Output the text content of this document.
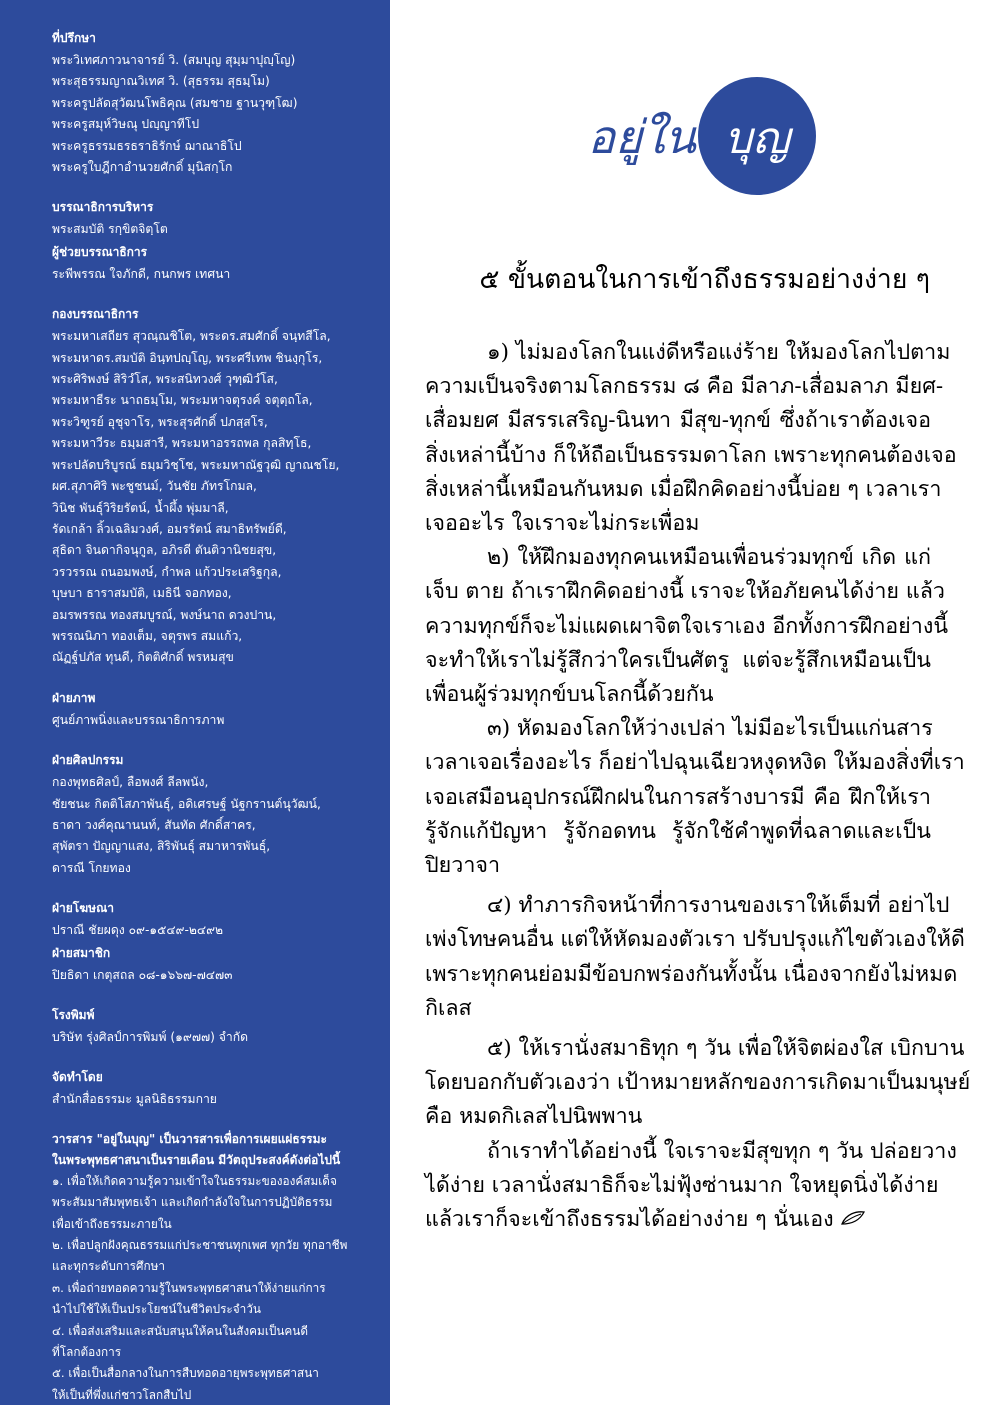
ที่ปรึกษา
พระวิเทศภาวนาจารย์ วิ. (สมบุญ สุมฺมาปุญฺโญ)
พระสุธรรมญาณวิเทศ วิ. (สุธรรม สุธมฺโม)
พระครูปลัดสุวัฒนโพธิคุณ (สมชาย ฐานวุฑฺโฒ)
พระครูสมุห์วิษณุ ปญฺญาทีโป
พระครูธรรมธรธราธิรักษ์ ฌาณาธิโป
พระครูใบฎีกาอำนวยศักดิ์ มุนิสกฺโก
บรรณาธิการบริหาร
พระสมบัติ รกฺขิตจิตฺโต
ผู้ช่วยบรรณาธิการ
ระพีพรรณ ใจภักดี, กนกพร เทศนา
กองบรรณาธิการ
พระมหาเสถียร สุวณฺณชิโต, พระดร.สมศักดิ์ จนฺทสีโล,
พระมหาดร.สมบัติ อินฺทปญฺโญ, พระศรีเทพ ชินงฺกุโร,
พระศิริพงษ์ สิริวํโส, พระสนิทวงศ์ วุฑฺฒิวํโส,
พระมหาธีระ นาถธมฺโม, พระมหาจตุรงค์ จตุตฺถโล,
พระวิฑูรย์ อุชุจาโร, พระสุรศักดิ์ ปภสฺสโร,
พระมหาวีระ ธมฺมสารี, พระมหาอรรถพล กุลสิทฺโธ,
พระปลัดบริบูรณ์ ธมฺมวิชฺโช, พระมหาณัฐวุฒิ ญาณชโย,
ผศ.สุภาศิริ พะชูชนม์, วันชัย ภัทรโกมล,
วินิช พันธุ์วิริยรัตน์, น้ำผึ้ง พุ่มมาลี,
รัดเกล้า ลิ้วเฉลิมวงศ์, อมรรัตน์ สมาธิทรัพย์ดี,
สุธิดา จินดากิจนุกูล, อภิรดี ตันติวานิชยสุข,
วรวรรณ ถนอมพงษ์, กำพล แก้วประเสริฐกุล,
บุษบา ธาราสมบัติ, เมธินี จอกทอง,
อมรพรรณ ทองสมบูรณ์, พงษ์นาถ ดวงปาน,
พรรณนิภา ทองเต็ม, จตุรพร สมแก้ว,
ณัฏฐ์ปภัส ทุนดี, กิตติศักดิ์ พรหมสุข
ฝ่ายภาพ
ศูนย์ภาพนิ่งและบรรณาธิการภาพ
ฝ่ายศิลปกรรม
กองพุทธศิลป์, ลือพงศ์ ลีลพนัง,
ชัยชนะ กิตติโสภาพันธุ์, อดิเศรษฐ์ นัฐกรานต์นุวัฒน์,
ธาดา วงศ์คุณานนท์, สันทัด ศักดิ์สาคร,
สุพัตรา ปัญญาแสง, สิริพันธุ์ สมาหารพันธุ์,
ดารณี โกยทอง
ฝ่ายโฆษณา
ปราณี ชัยผดุง ๐๙-๑๕๔๙-๒๔๙๒
ฝ่ายสมาชิก
ปิยธิดา เกตุสถล ๐๘-๑๖๖๗-๗๔๗๓
โรงพิมพ์
บริษัท รุ่งศิลป์การพิมพ์ (๑๙๗๗) จำกัด
จัดทำโดย
สำนักสื่อธรรมะ มูลนิธิธรรมกาย
วารสาร "อยู่ในบุญ" เป็นวารสารเพื่อการเผยแผ่ธรรมะ
ในพระพุทธศาสนาเป็นรายเดือน มีวัตถุประสงค์ดังต่อไปนี้
๑. เพื่อให้เกิดความรู้ความเข้าใจในธรรมะขององค์สมเด็จ
พระสัมมาสัมพุทธเจ้า และเกิดกำลังใจในการปฏิบัติธรรม
เพื่อเข้าถึงธรรมะภายใน
๒. เพื่อปลูกฝังคุณธรรมแก่ประชาชนทุกเพศ ทุกวัย ทุกอาชีพ
และทุกระดับการศึกษา
๓. เพื่อถ่ายทอดความรู้ในพระพุทธศาสนาให้ง่ายแก่การ
นำไปใช้ให้เป็นประโยชน์ในชีวิตประจำวัน
๔. เพื่อส่งเสริมและสนับสนุนให้คนในสังคมเป็นคนดี
ที่โลกต้องการ
๕. เพื่อเป็นสื่อกลางในการสืบทอดอายุพระพุทธศาสนา
ให้เป็นที่พึ่งแก่ชาวโลกสืบไป
อยู่ใน บุญ
๕ ขั้นตอนในการเข้าถึงธรรมอย่างง่าย ๆ
๑) ไม่มองโลกในแง่ดีหรือแง่ร้าย ให้มองโลกไปตาม
ความเป็นจริงตามโลกธรรม ๘ คือ มีลาภ-เสื่อมลาภ มียศ-
เสื่อมยศ มีสรรเสริญ-นินทา มีสุข-ทุกข์ ซึ่งถ้าเราต้องเจอ
สิ่งเหล่านี้บ้าง ก็ให้ถือเป็นธรรมดาโลก เพราะทุกคนต้องเจอ
สิ่งเหล่านี้เหมือนกันหมด เมื่อฝึกคิดอย่างนี้บ่อย ๆ เวลาเรา
เจออะไร ใจเราจะไม่กระเพื่อม
๒) ให้ฝึกมองทุกคนเหมือนเพื่อนร่วมทุกข์ เกิด แก่
เจ็บ ตาย ถ้าเราฝึกคิดอย่างนี้ เราจะให้อภัยคนได้ง่าย แล้ว
ความทุกข์ก็จะไม่แผดเผาจิตใจเราเอง อีกทั้งการฝึกอย่างนี้
จะทำให้เราไม่รู้สึกว่าใครเป็นศัตรู แต่จะรู้สึกเหมือนเป็น
เพื่อนผู้ร่วมทุกข์บนโลกนี้ด้วยกัน
๓) หัดมองโลกให้ว่างเปล่า ไม่มีอะไรเป็นแก่นสาร
เวลาเจอเรื่องอะไร ก็อย่าไปฉุนเฉียวหงุดหงิด ให้มองสิ่งที่เรา
เจอเสมือนอุปกรณ์ฝึกฝนในการสร้างบารมี คือ ฝึกให้เรา
รู้จักแก้ปัญหา รู้จักอดทน รู้จักใช้คำพูดที่ฉลาดและเป็น
ปิยวาจา
๔) ทำภารกิจหน้าที่การงานของเราให้เต็มที่ อย่าไป
เพ่งโทษคนอื่น แต่ให้หัดมองตัวเรา ปรับปรุงแก้ไขตัวเองให้ดี
เพราะทุกคนย่อมมีข้อบกพร่องกันทั้งนั้น เนื่องจากยังไม่หมด
กิเลส
๕) ให้เรานั่งสมาธิทุก ๆ วัน เพื่อให้จิตผ่องใส เบิกบาน
โดยบอกกับตัวเองว่า เป้าหมายหลักของการเกิดมาเป็นมนุษย์
คือ หมดกิเลสไปนิพพาน
ถ้าเราทำได้อย่างนี้ ใจเราจะมีสุขทุก ๆ วัน ปล่อยวาง
ได้ง่าย เวลานั่งสมาธิก็จะไม่ฟุ้งซ่านมาก ใจหยุดนิ่งได้ง่าย
แล้วเราก็จะเข้าถึงธรรมได้อย่างง่าย ๆ นั่นเอง
